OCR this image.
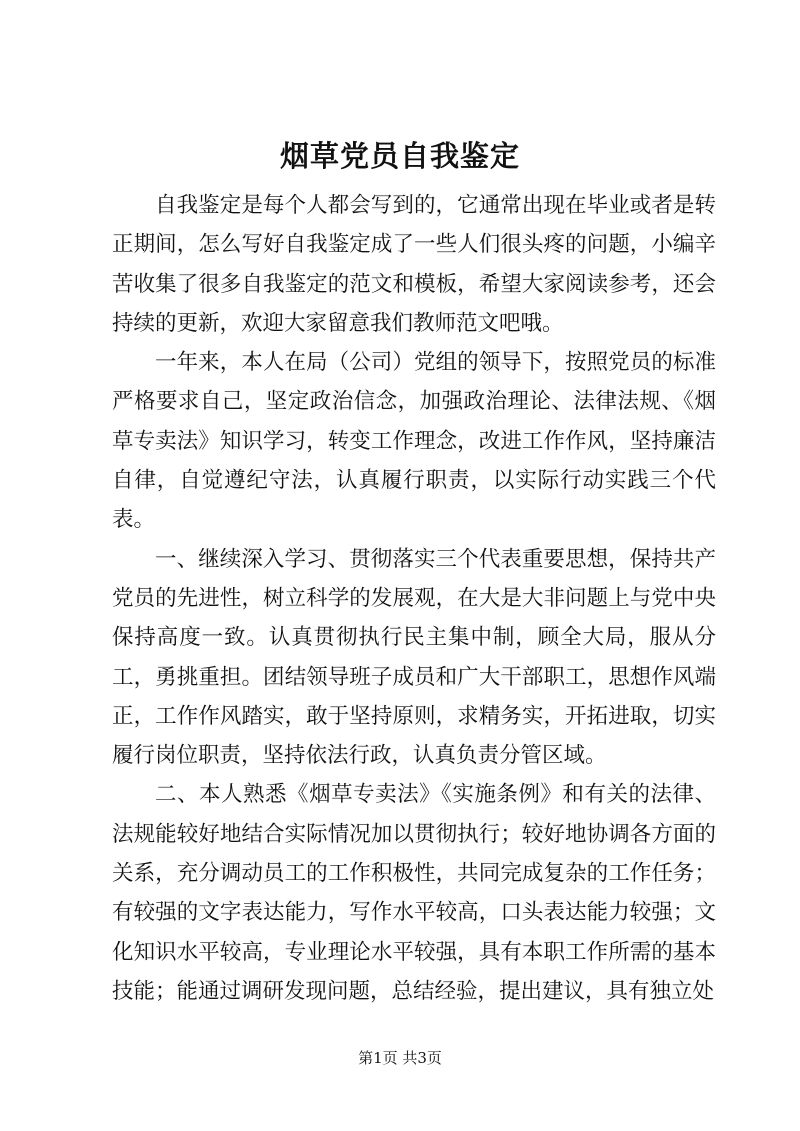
烟草党员自我鉴定

自我鉴定是每个人都会写到的，它通常出现在毕业或者是转正期间，怎么写好自我鉴定成了一些人们很头疼的问题，小编辛苦收集了很多自我鉴定的范文和模板，希望大家阅读参考，还会持续的更新，欢迎大家留意我们教师范文吧哦。

一年来，本人在局（公司）党组的领导下，按照党员的标准严格要求自己，坚定政治信念，加强政治理论、法律法规、《烟草专卖法》知识学习，转变工作理念，改进工作作风，坚持廉洁自律，自觉遵纪守法，认真履行职责，以实际行动实践三个代表。

一、继续深入学习、贯彻落实三个代表重要思想，保持共产党员的先进性，树立科学的发展观，在大是大非问题上与党中央保持高度一致。认真贯彻执行民主集中制，顾全大局，服从分工，勇挑重担。团结领导班子成员和广大干部职工，思想作风端正，工作作风踏实，敢于坚持原则，求精务实，开拓进取，切实履行岗位职责，坚持依法行政，认真负责分管区域。

二、本人熟悉《烟草专卖法》《实施条例》和有关的法律、法规能较好地结合实际情况加以贯彻执行；较好地协调各方面的关系，充分调动员工的工作积极性，共同完成复杂的工作任务；有较强的文字表达能力，写作水平较高，口头表达能力较强；文化知识水平较高，专业理论水平较强，具有本职工作所需的基本技能；能通过调研发现问题，总结经验，提出建议，具有独立处

第1页 共3页
